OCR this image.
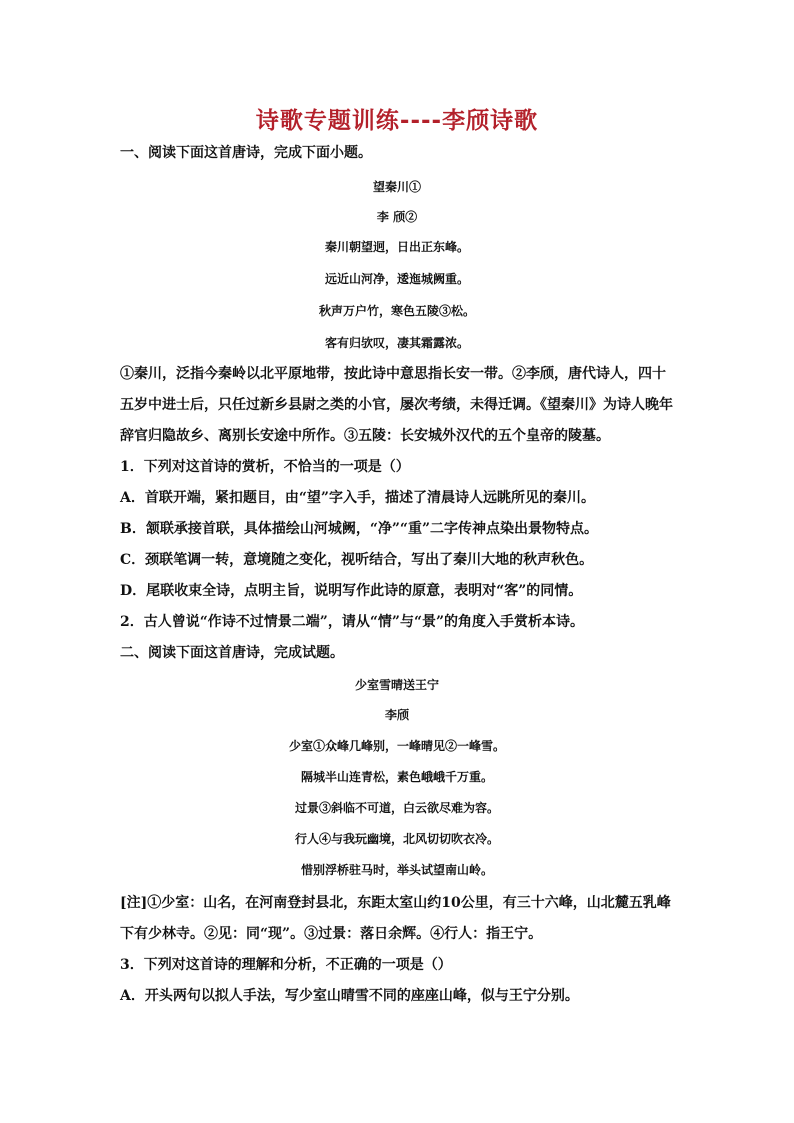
诗歌专题训练----李颀诗歌
一、阅读下面这首唐诗，完成下面小题。
望秦川①
李 颀②
秦川朝望迥，日出正东峰。
远近山河净，逶迤城阙重。
秋声万户竹，寒色五陵③松。
客有归欤叹，凄其霜露浓。
①秦川，泛指今秦岭以北平原地带，按此诗中意思指长安一带。②李颀，唐代诗人，四十
五岁中进士后，只任过新乡县尉之类的小官，屡次考绩，未得迁调。《望秦川》为诗人晚年
辞官归隐故乡、离别长安途中所作。③五陵：长安城外汉代的五个皇帝的陵墓。
1．下列对这首诗的赏析，不恰当的一项是（）
A．首联开端，紧扣题目，由“望”字入手，描述了清晨诗人远眺所见的秦川。
B．颔联承接首联，具体描绘山河城阙，“净”“重”二字传神点染出景物特点。
C．颈联笔调一转，意境随之变化，视听结合，写出了秦川大地的秋声秋色。
D．尾联收束全诗，点明主旨，说明写作此诗的原意，表明对“客”的同情。
2．古人曾说“作诗不过情景二端”，请从“情”与“景”的角度入手赏析本诗。
二、阅读下面这首唐诗，完成试题。
少室雪晴送王宁
李颀
少室①众峰几峰别，一峰晴见②一峰雪。
隔城半山连青松，素色峨峨千万重。
过景③斜临不可道，白云欲尽难为容。
行人④与我玩幽境，北风切切吹衣冷。
惜别浮桥驻马时，举头试望南山岭。
[注]①少室：山名，在河南登封县北，东距太室山约10公里，有三十六峰，山北麓五乳峰
下有少林寺。②见：同“现”。③过景：落日余辉。④行人：指王宁。
3．下列对这首诗的理解和分析，不正确的一项是（）
A．开头两句以拟人手法，写少室山晴雪不同的座座山峰，似与王宁分别。
